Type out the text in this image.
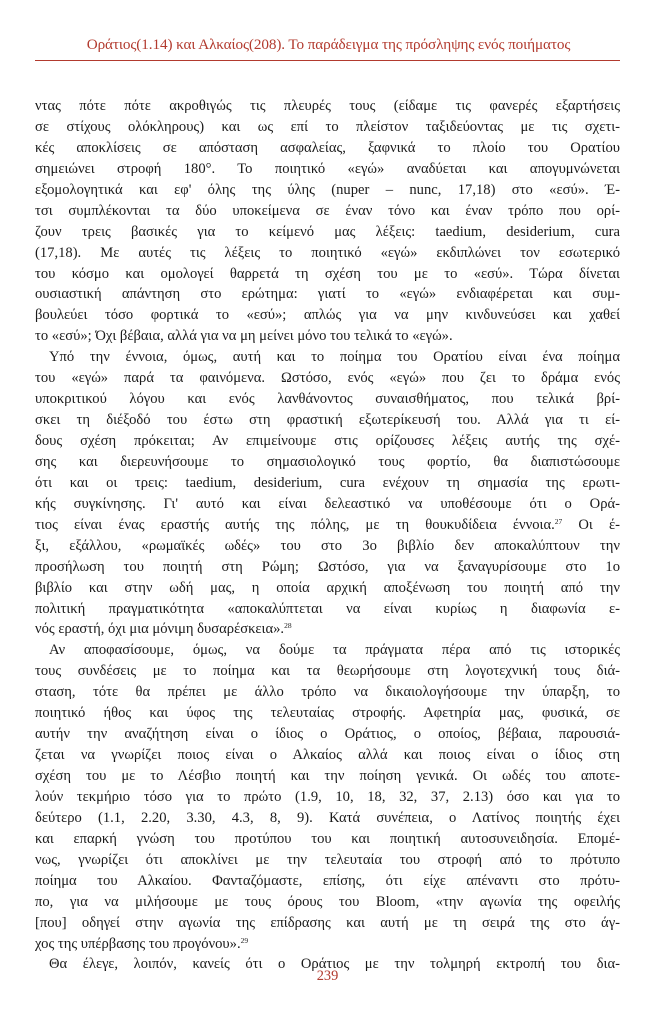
Οράτιος(1.14) και Αλκαίος(208). Το παράδειγμα της πρόσληψης ενός ποιήματος
ντας πότε πότε ακροθιγώς τις πλευρές τους (είδαμε τις φανερές εξαρτήσεις
σε στίχους ολόκληρους) και ως επί το πλείστον ταξιδεύοντας με τις σχετι-
κές αποκλίσεις σε απόσταση ασφαλείας, ξαφνικά το πλοίο του Ορατίου
σημειώνει στροφή 180°. Το ποιητικό «εγώ» αναδύεται και απογυμνώνεται
εξομολογητικά και εφ' όλης της ύλης (nuper – nunc, 17,18) στο «εσύ». Έ-
τσι συμπλέκονται τα δύο υποκείμενα σε έναν τόνο και έναν τρόπο που ορί-
ζουν τρεις βασικές για το κείμενό μας λέξεις: taedium, desiderium, cura
(17,18). Με αυτές τις λέξεις το ποιητικό «εγώ» εκδιπλώνει τον εσωτερικό
του κόσμο και ομολογεί θαρρετά τη σχέση του με το «εσύ». Τώρα δίνεται
ουσιαστική απάντηση στο ερώτημα: γιατί το «εγώ» ενδιαφέρεται και συμ-
βουλεύει τόσο φορτικά το «εσύ»; απλώς για να μην κινδυνεύσει και χαθεί
το «εσύ»; Όχι βέβαια, αλλά για να μη μείνει μόνο του τελικά το «εγώ».
Υπό την έννοια, όμως, αυτή και το ποίημα του Ορατίου είναι ένα ποίημα
του «εγώ» παρά τα φαινόμενα. Ωστόσο, ενός «εγώ» που ζει το δράμα ενός
υποκριτικού λόγου και ενός λανθάνοντος συναισθήματος, που τελικά βρί-
σκει τη διέξοδό του έστω στη φραστική εξωτερίκευσή του. Αλλά για τι εί-
δους σχέση πρόκειται; Αν επιμείνουμε στις ορίζουσες λέξεις αυτής της σχέ-
σης και διερευνήσουμε το σημασιολογικό τους φορτίο, θα διαπιστώσουμε
ότι και οι τρεις: taedium, desiderium, cura ενέχουν τη σημασία της ερωτι-
κής συγκίνησης. Γι' αυτό και είναι δελεαστικό να υποθέσουμε ότι ο Ορά-
τιος είναι ένας εραστής αυτής της πόλης, με τη θουκυδίδεια έννοια.$^{27}$ Οι έ-
ξι, εξάλλου, «ρωμαϊκές ωδές» του στο 3ο βιβλίο δεν αποκαλύπτουν την
προσήλωση του ποιητή στη Ρώμη; Ωστόσο, για να ξαναγυρίσουμε στο 1ο
βιβλίο και στην ωδή μας, η οποία αρχική αποξένωση του ποιητή από την
πολιτική πραγματικότητα «αποκαλύπτεται να είναι κυρίως η διαφωνία ε-
νός εραστή, όχι μια μόνιμη δυσαρέσκεια».$^{28}$
Αν αποφασίσουμε, όμως, να δούμε τα πράγματα πέρα από τις ιστορικές
τους συνδέσεις με το ποίημα και τα θεωρήσουμε στη λογοτεχνική τους διά-
σταση, τότε θα πρέπει με άλλο τρόπο να δικαιολογήσουμε την ύπαρξη, το
ποιητικό ήθος και ύφος της τελευταίας στροφής. Αφετηρία μας, φυσικά, σε
αυτήν την αναζήτηση είναι ο ίδιος ο Οράτιος, ο οποίος, βέβαια, παρουσιά-
ζεται να γνωρίζει ποιος είναι ο Αλκαίος αλλά και ποιος είναι ο ίδιος στη
σχέση του με το Λέσβιο ποιητή και την ποίηση γενικά. Οι ωδές του αποτε-
λούν τεκμήριο τόσο για το πρώτο (1.9, 10, 18, 32, 37, 2.13) όσο και για το
δεύτερο (1.1, 2.20, 3.30, 4.3, 8, 9). Κατά συνέπεια, ο Λατίνος ποιητής έχει
και επαρκή γνώση του προτύπου του και ποιητική αυτοσυνειδησία. Επομέ-
νως, γνωρίζει ότι αποκλίνει με την τελευταία του στροφή από το πρότυπο
ποίημα του Αλκαίου. Φανταζόμαστε, επίσης, ότι είχε απέναντι στο πρότυ-
πο, για να μιλήσουμε με τους όρους του Bloom, «την αγωνία της οφειλής
[που] οδηγεί στην αγωνία της επίδρασης και αυτή με τη σειρά της στο άγ-
χος της υπέρβασης του προγόνου».$^{29}$
Θα έλεγε, λοιπόν, κανείς ότι ο Οράτιος με την τολμηρή εκτροπή του δια-
239
